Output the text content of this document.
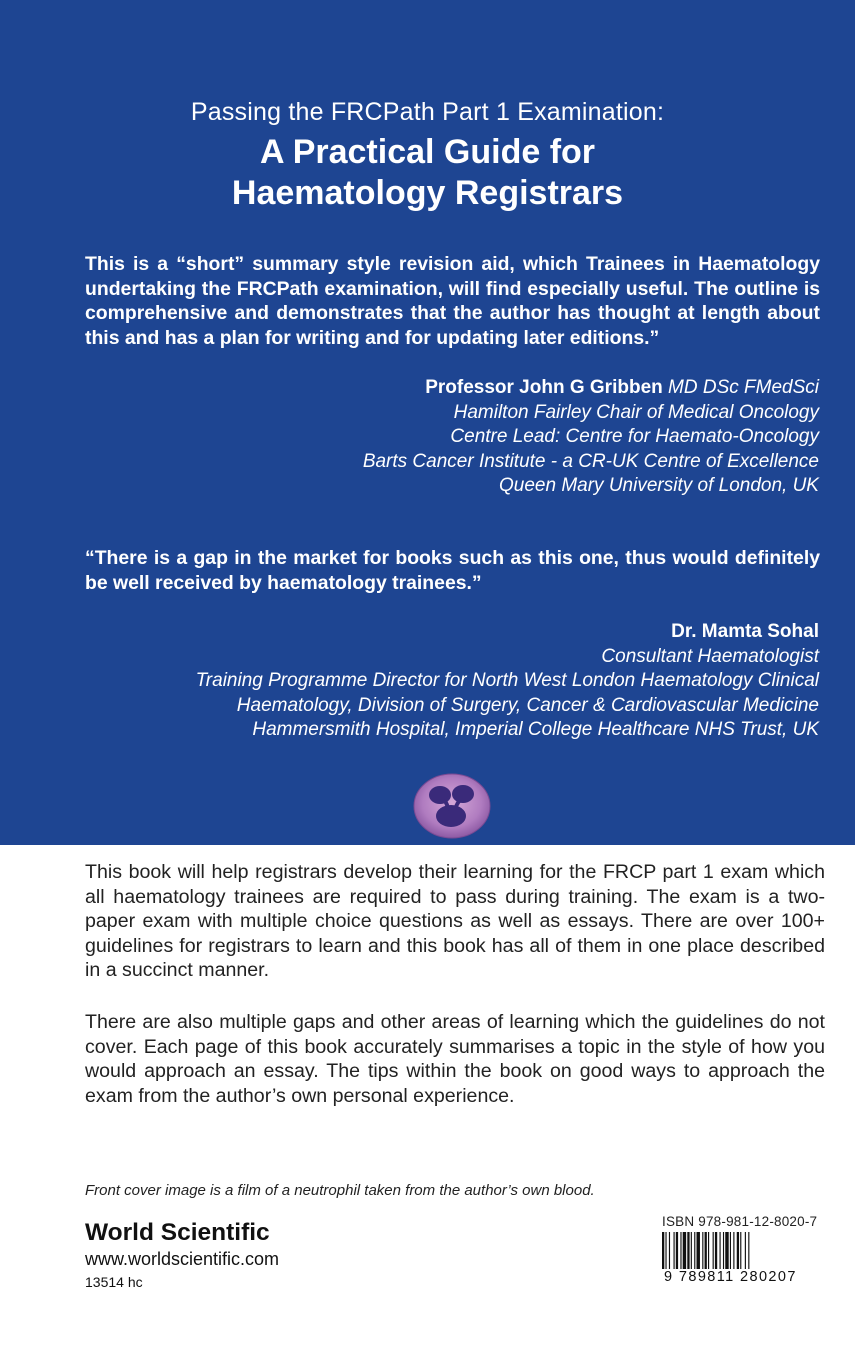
Passing the FRCPath Part 1 Examination:
A Practical Guide for
Haematology Registrars
This is a “short” summary style revision aid, which Trainees in Haematology undertaking the FRCPath examination, will find especially useful. The outline is comprehensive and demonstrates that the author has thought at length about this and has a plan for writing and for updating later editions.”
Professor John G Gribben MD DSc FMedSci
Hamilton Fairley Chair of Medical Oncology
Centre Lead: Centre for Haemato-Oncology
Barts Cancer Institute - a CR-UK Centre of Excellence
Queen Mary University of London, UK
“There is a gap in the market for books such as this one, thus would definitely be well received by haematology trainees.”
Dr. Mamta Sohal
Consultant Haematologist
Training Programme Director for North West London Haematology Clinical
Haematology, Division of Surgery, Cancer & Cardiovascular Medicine
Hammersmith Hospital, Imperial College Healthcare NHS Trust, UK
This book will help registrars develop their learning for the FRCP part 1 exam which all haematology trainees are required to pass during training. The exam is a two-paper exam with multiple choice questions as well as essays. There are over 100+ guidelines for registrars to learn and this book has all of them in one place described in a succinct manner.
There are also multiple gaps and other areas of learning which the guidelines do not cover. Each page of this book accurately summarises a topic in the style of how you would approach an essay. The tips within the book on good ways to approach the exam from the author’s own personal experience.
Front cover image is a film of a neutrophil taken from the author’s own blood.
World Scientific
www.worldscientific.com
13514 hc
ISBN 978-981-12-8020-7
9 789811 280207
